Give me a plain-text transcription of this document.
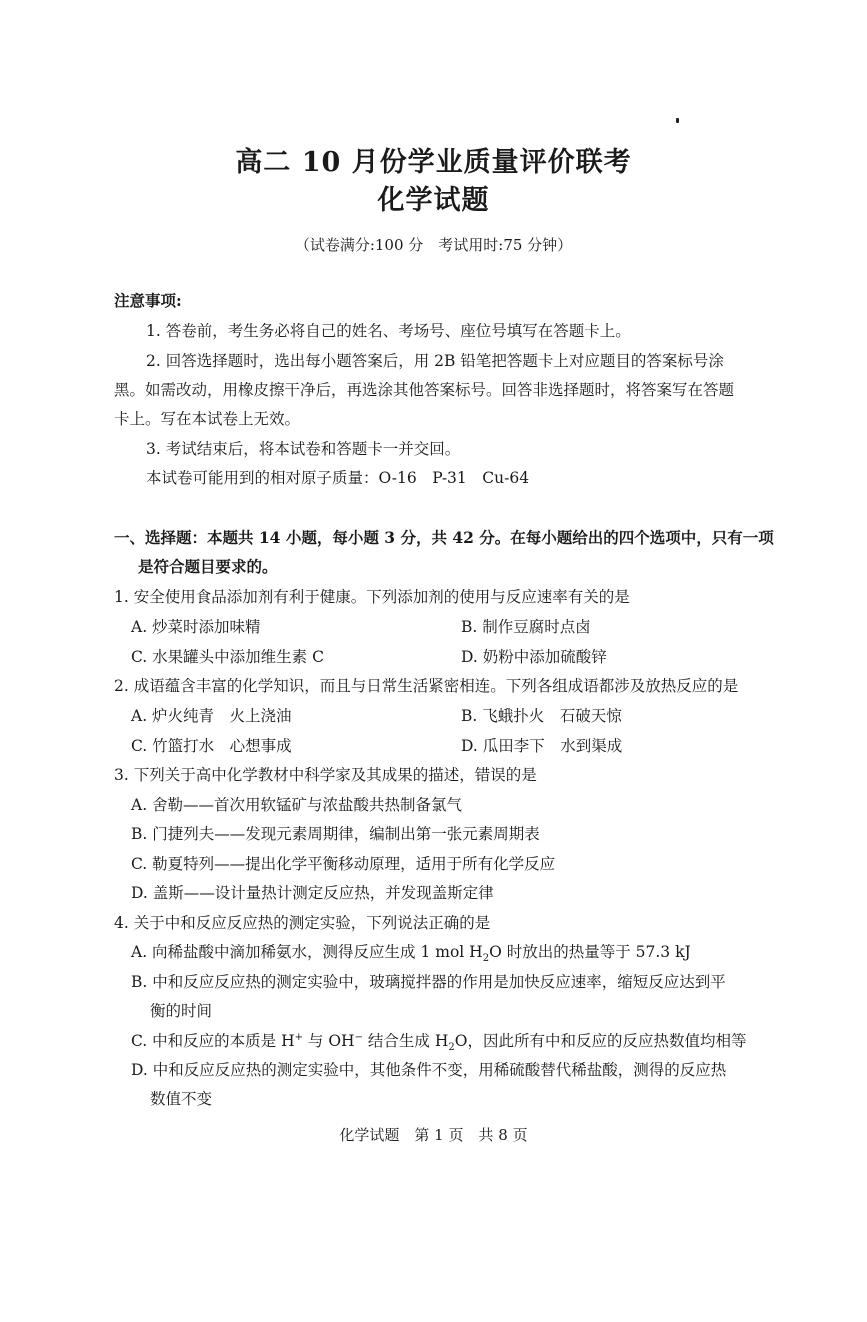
高二 10 月份学业质量评价联考
化学试题
（试卷满分:100 分　考试用时:75 分钟）
注意事项:
1. 答卷前，考生务必将自己的姓名、考场号、座位号填写在答题卡上。
2. 回答选择题时，选出每小题答案后，用 2B 铅笔把答题卡上对应题目的答案标号涂
黑。如需改动，用橡皮擦干净后，再选涂其他答案标号。回答非选择题时，将答案写在答题
卡上。写在本试卷上无效。
3. 考试结束后，将本试卷和答题卡一并交回。
本试卷可能用到的相对原子质量：O-16　P-31　Cu-64
一、选择题：本题共 14 小题，每小题 3 分，共 42 分。在每小题给出的四个选项中，只有一项
是符合题目要求的。
1. 安全使用食品添加剂有利于健康。下列添加剂的使用与反应速率有关的是
A. 炒菜时添加味精	B. 制作豆腐时点卤
C. 水果罐头中添加维生素 C	D. 奶粉中添加硫酸锌
2. 成语蕴含丰富的化学知识，而且与日常生活紧密相连。下列各组成语都涉及放热反应的是
A. 炉火纯青　火上浇油	B. 飞蛾扑火　石破天惊
C. 竹篮打水　心想事成	D. 瓜田李下　水到渠成
3. 下列关于高中化学教材中科学家及其成果的描述，错误的是
A. 舍勒——首次用软锰矿与浓盐酸共热制备氯气
B. 门捷列夫——发现元素周期律，编制出第一张元素周期表
C. 勒夏特列——提出化学平衡移动原理，适用于所有化学反应
D. 盖斯——设计量热计测定反应热，并发现盖斯定律
4. 关于中和反应反应热的测定实验，下列说法正确的是
A. 向稀盐酸中滴加稀氨水，测得反应生成 1 mol $H_2O$ 时放出的热量等于 57.3 kJ
B. 中和反应反应热的测定实验中，玻璃搅拌器的作用是加快反应速率，缩短反应达到平
衡的时间
C. 中和反应的本质是 H+ 与 OH− 结合生成 $H_2O$，因此所有中和反应的反应热数值均相等
D. 中和反应反应热的测定实验中，其他条件不变，用稀硫酸替代稀盐酸，测得的反应热
数值不变
化学试题　第 1 页　共 8 页
